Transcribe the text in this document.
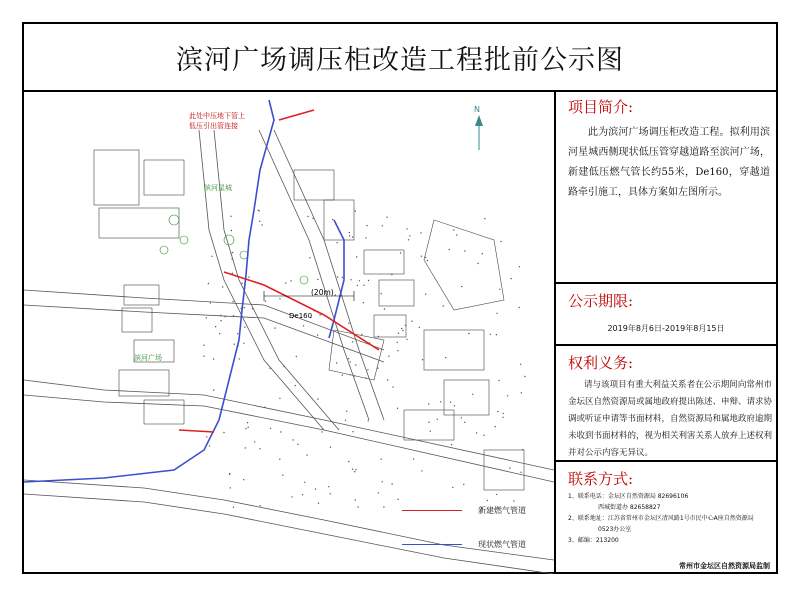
滨河广场调压柜改造工程批前公示图
此处中压地下管上
低压引出管连接
(20m)
De160
N
滨河星城
滨河广场
新建燃气管道
现状燃气管道
项目简介:
此为滨河广场调压柜改造工程。拟利用滨河星城西侧现状低压管穿越道路至滨河广场，新建低压燃气管长约55米，De160，穿越道路牵引施工，具体方案如左图所示。
公示期限:
2019年8月6日-2019年8月15日
权利义务:
请与该项目有重大利益关系者在公示期间向常州市金坛区自然资源局或属地政府提出陈述、申辩、请求协调或听证申请等书面材料，自然资源局和属地政府逾期未收到书面材料的，视为相关利害关系人放弃上述权利并对公示内容无异议。
联系方式:
1、联系电话：金坛区自然资源局 82696106
西城街道办 82658827
2、联系地址：江苏省常州市金坛区清风路1号市民中心A座自然资源局
0523办公室
3、邮编：213200
常州市金坛区自然资源局监制
